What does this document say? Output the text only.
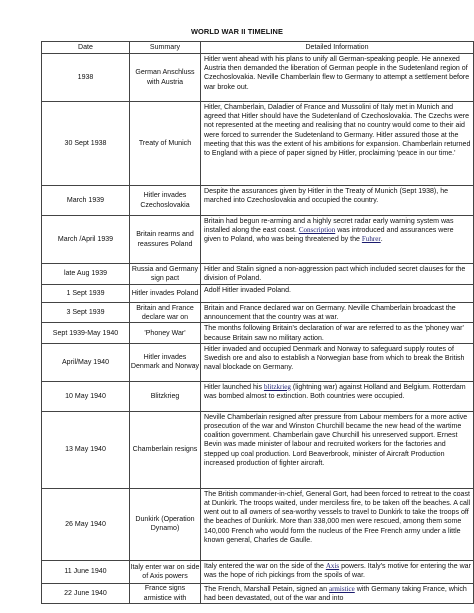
WORLD WAR II TIMELINE
Date	Summary	Detailed Information
1938	German Anschluss with Austria	Hitler went ahead with his plans to unify all German-speaking people. He annexed Austria then demanded the liberation of German people in the Sudetenland region of Czechoslovakia. Neville Chamberlain flew to Germany to attempt a settlement before war broke out.
30 Sept 1938	Treaty of Munich	Hitler, Chamberlain, Daladier of France and Mussolini of Italy met in Munich and agreed that Hitler should have the Sudetenland of Czechoslovakia. The Czechs were not represented at the meeting and realising that no country would come to their aid were forced to surrender the Sudetenland to Germany. Hitler assured those at the meeting that this was the extent of his ambitions for expansion. Chamberlain returned to England with a piece of paper signed by Hitler, proclaiming 'peace in our time.'
March 1939	Hitler invades Czechoslovakia	Despite the assurances given by Hitler in the Treaty of Munich (Sept 1938), he marched into Czechoslovakia and occupied the country.
March /April 1939	Britain rearms and reassures Poland	Britain had begun re-arming and a highly secret radar early warning system was installed along the east coast. Conscription was introduced and assurances were given to Poland, who was being threatened by the Fuhrer.
late Aug 1939	Russia and Germany sign pact	Hitler and Stalin signed a non-aggression pact which included secret clauses for the division of Poland.
1 Sept 1939	Hitler invades Poland	Adolf Hitler invaded Poland.
3 Sept 1939	Britain and France declare war on	Britain and France declared war on Germany. Neville Chamberlain broadcast the announcement that the country was at war.
Sept 1939-May 1940	'Phoney War'	The months following Britain's declaration of war are referred to as the 'phoney war' because Britain saw no military action.
April/May 1940	Hitler invades Denmark and Norway	Hitler invaded and occupied Denmark and Norway to safeguard supply routes of Swedish ore and also to establish a Norwegian base from which to break the British naval blockade on Germany.
10 May 1940	Blitzkrieg	Hitler launched his blitzkrieg (lightning war) against Holland and Belgium. Rotterdam was bombed almost to extinction. Both countries were occupied.
13 May 1940	Chamberlain resigns	Neville Chamberlain resigned after pressure from Labour members for a more active prosecution of the war and Winston Churchill became the new head of the wartime coalition government. Chamberlain gave Churchill his unreserved support. Ernest Bevin was made minister of labour and recruited workers for the factories and stepped up coal production. Lord Beaverbrook, minister of Aircraft Production increased production of fighter aircraft.
26 May 1940	Dunkirk (Operation Dynamo)	The British commander-in-chief, General Gort, had been forced to retreat to the coast at Dunkirk. The troops waited, under merciless fire, to be taken off the beaches. A call went out to all owners of sea-worthy vessels to travel to Dunkirk to take the troops off the beaches of Dunkirk. More than 338,000 men were rescued, among them some 140,000 French who would form the nucleus of the Free French army under a little known general, Charles de Gaulle.
11 June 1940	Italy enter war on side of Axis powers	Italy entered the war on the side of the Axis powers. Italy's motive for entering the war was the hope of rich pickings from the spoils of war.
22 June 1940	France signs armistice with	The French, Marshall Petain, signed an armistice with Germany taking France, which had been devastated, out of the war and into
